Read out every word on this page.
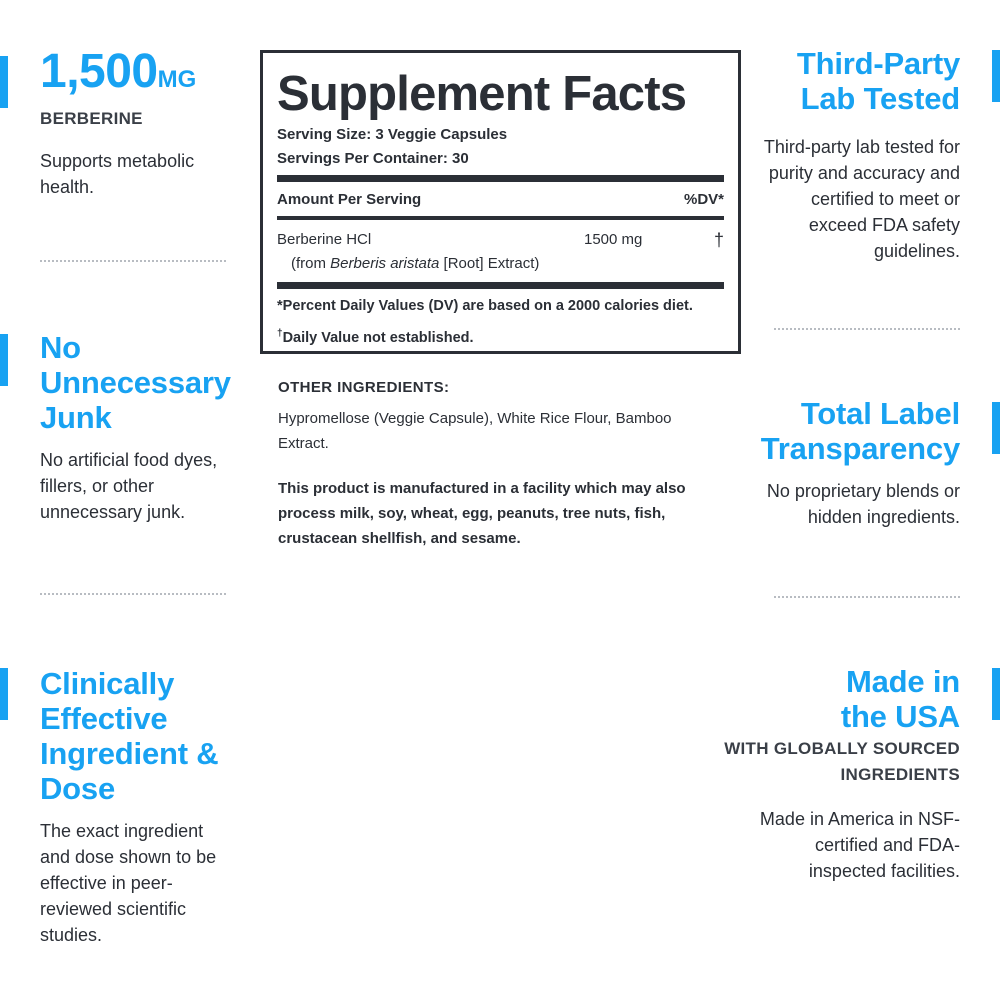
1,500MG
BERBERINE
Supports metabolic health.
No Unnecessary Junk
No artificial food dyes, fillers, or other unnecessary junk.
Clinically Effective Ingredient & Dose
The exact ingredient and dose shown to be effective in peer-reviewed scientific studies.
Third-Party Lab Tested
Third-party lab tested for purity and accuracy and certified to meet or exceed FDA safety guidelines.
Total Label Transparency
No proprietary blends or hidden ingredients.
Made in the USA
WITH GLOBALLY SOURCED INGREDIENTS
Made in America in NSF-certified and FDA-inspected facilities.
Supplement Facts
Serving Size: 3 Veggie Capsules
Servings Per Container: 30
Amount Per Serving	%DV*
Berberine HCl	1500 mg	†
(from Berberis aristata [Root] Extract)
*Percent Daily Values (DV) are based on a 2000 calories diet.
†Daily Value not established.
OTHER INGREDIENTS:
Hypromellose (Veggie Capsule), White Rice Flour, Bamboo Extract.
This product is manufactured in a facility which may also process milk, soy, wheat, egg, peanuts, tree nuts, fish, crustacean shellfish, and sesame.
